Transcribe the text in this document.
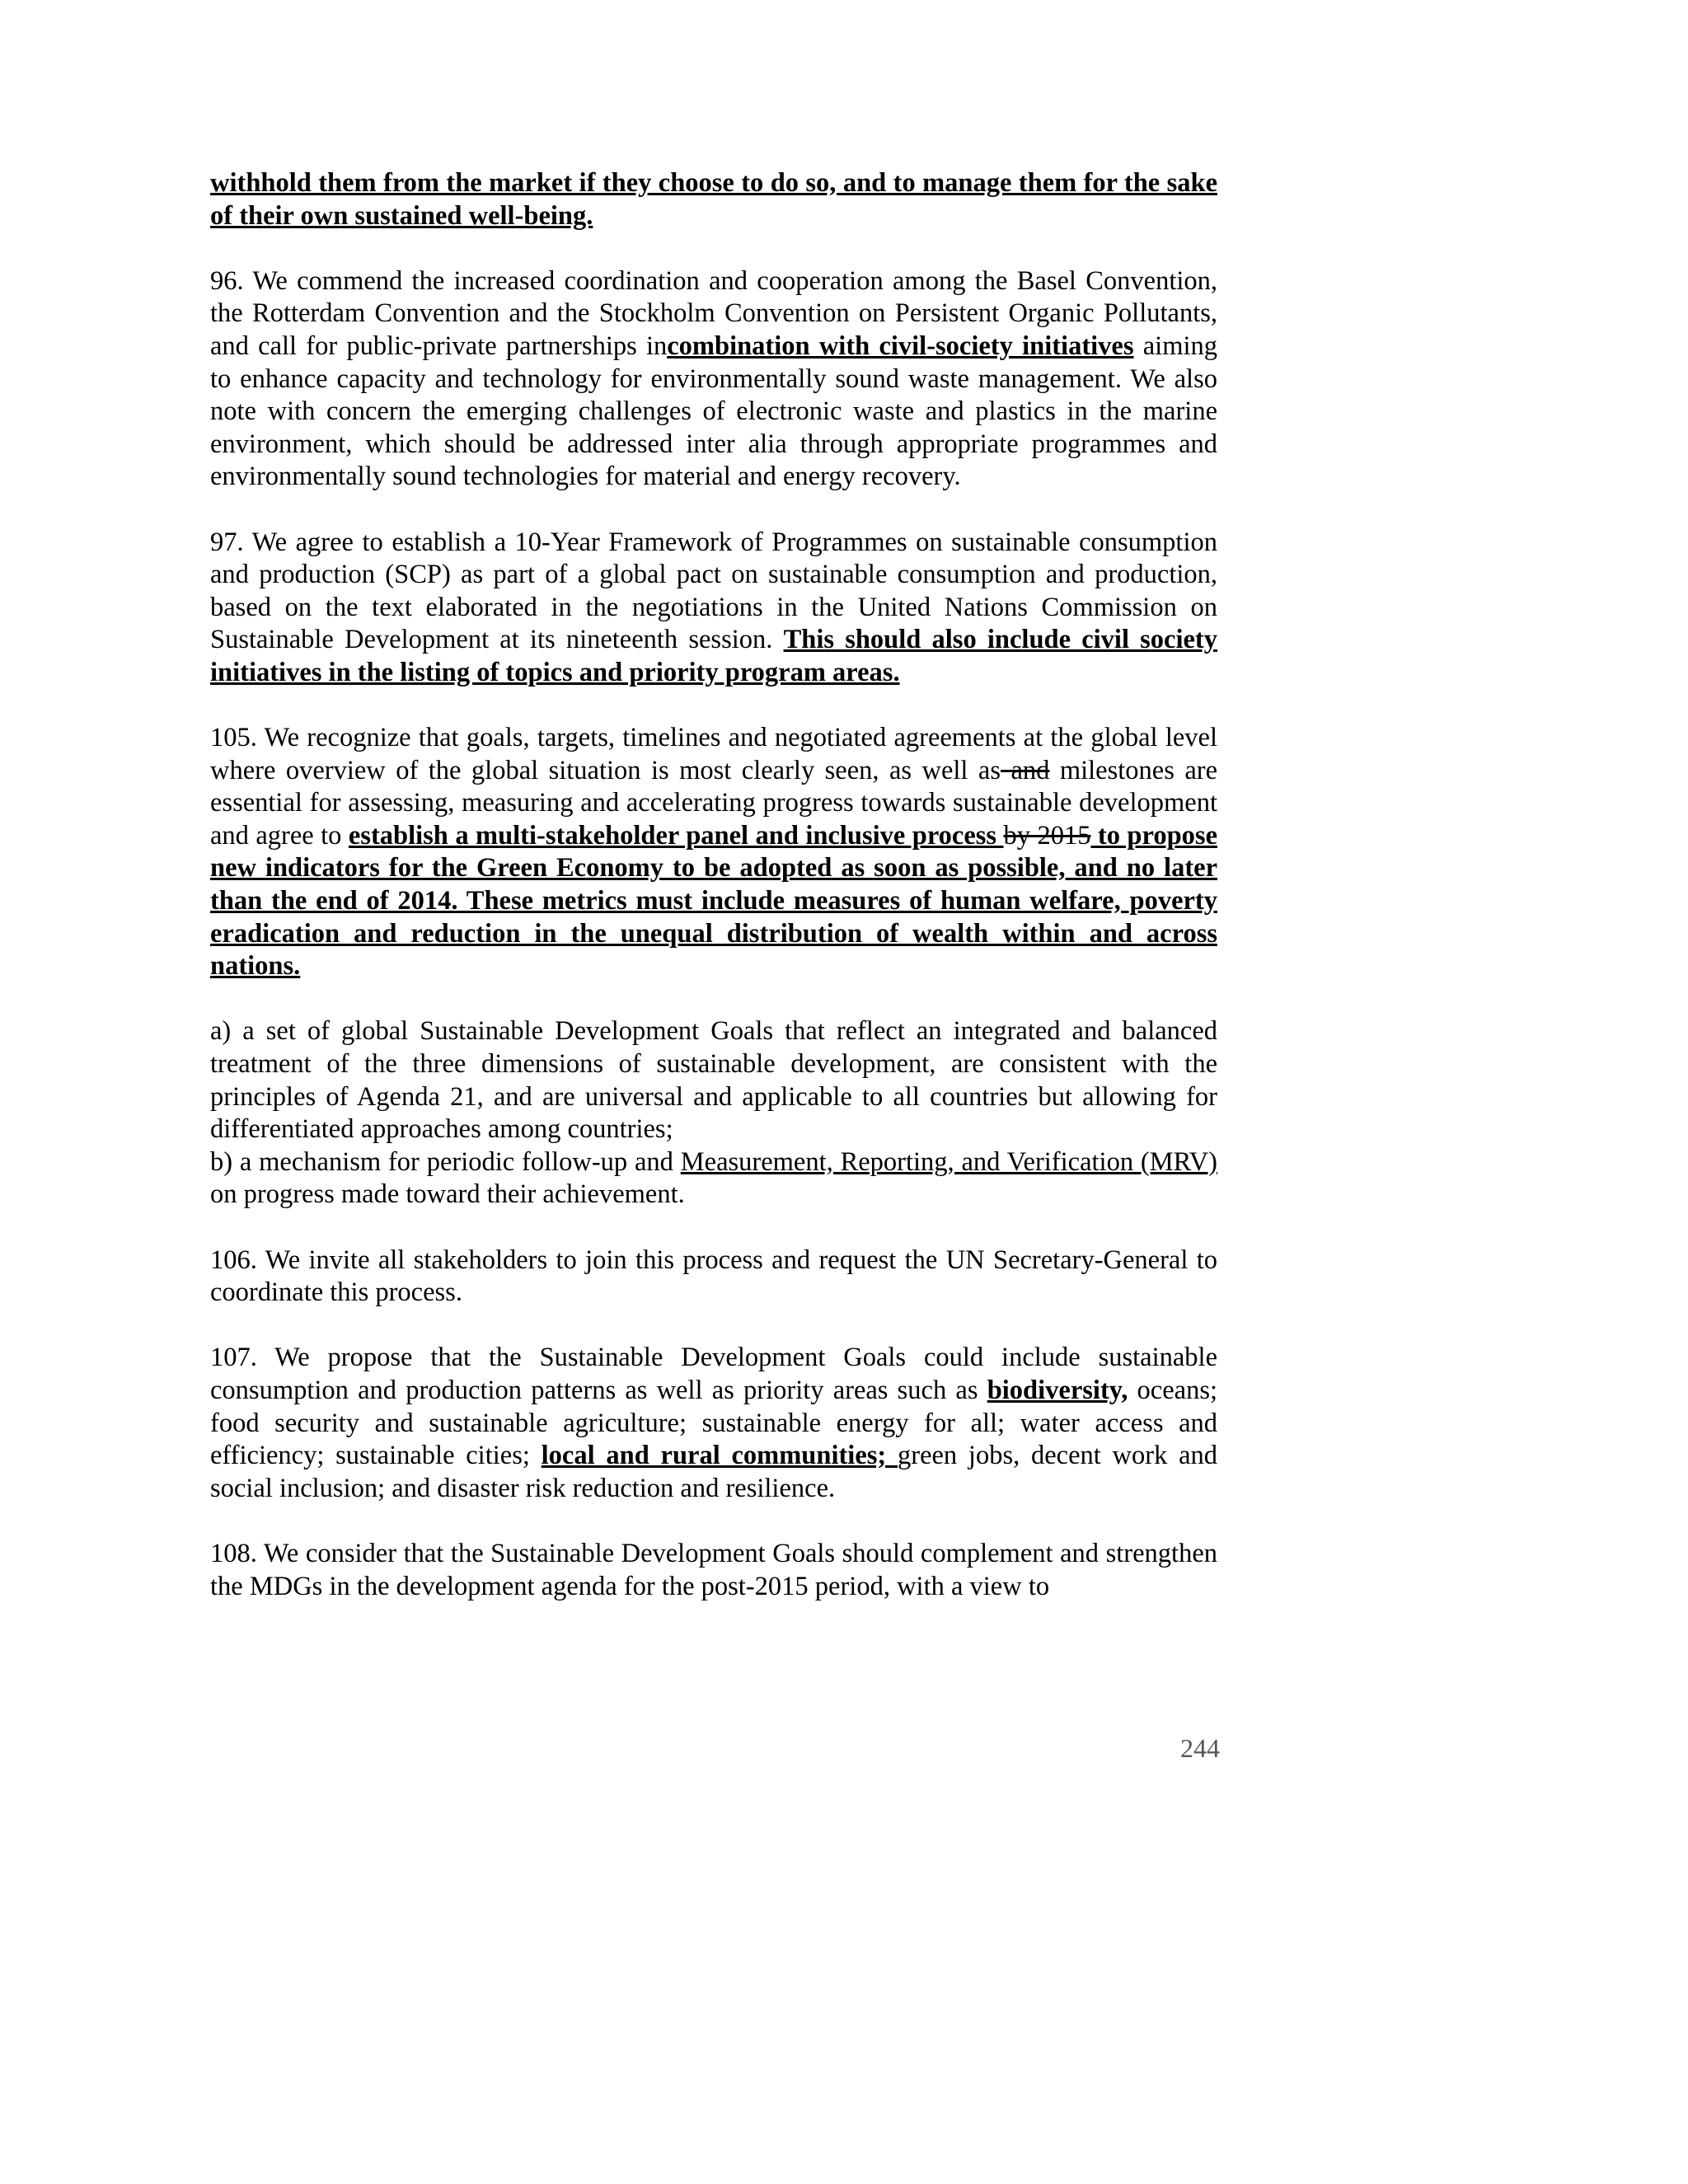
withhold them from the market if they choose to do so, and to manage them for the sake of their own sustained well-being.

96. We commend the increased coordination and cooperation among the Basel Convention, the Rotterdam Convention and the Stockholm Convention on Persistent Organic Pollutants, and call for public-private partnerships incombination with civil-society initiatives aiming to enhance capacity and technology for environmentally sound waste management. We also note with concern the emerging challenges of electronic waste and plastics in the marine environment, which should be addressed inter alia through appropriate programmes and environmentally sound technologies for material and energy recovery.

97. We agree to establish a 10-Year Framework of Programmes on sustainable consumption and production (SCP) as part of a global pact on sustainable consumption and production, based on the text elaborated in the negotiations in the United Nations Commission on Sustainable Development at its nineteenth session. This should also include civil society initiatives in the listing of topics and priority program areas.

105. We recognize that goals, targets, timelines and negotiated agreements at the global level where overview of the global situation is most clearly seen, as well as and milestones are essential for assessing, measuring and accelerating progress towards sustainable development and agree to establish a multi-stakeholder panel and inclusive process by 2015 to propose new indicators for the Green Economy to be adopted as soon as possible, and no later than the end of 2014. These metrics must include measures of human welfare, poverty eradication and reduction in the unequal distribution of wealth within and across nations.

a) a set of global Sustainable Development Goals that reflect an integrated and balanced treatment of the three dimensions of sustainable development, are consistent with the principles of Agenda 21, and are universal and applicable to all countries but allowing for differentiated approaches among countries;

b) a mechanism for periodic follow-up and Measurement, Reporting, and Verification (MRV) on progress made toward their achievement.

106. We invite all stakeholders to join this process and request the UN Secretary-General to coordinate this process.

107. We propose that the Sustainable Development Goals could include sustainable consumption and production patterns as well as priority areas such as biodiversity, oceans; food security and sustainable agriculture; sustainable energy for all; water access and efficiency; sustainable cities; local and rural communities; green jobs, decent work and social inclusion; and disaster risk reduction and resilience.

108. We consider that the Sustainable Development Goals should complement and strengthen the MDGs in the development agenda for the post-2015 period, with a view to

244
